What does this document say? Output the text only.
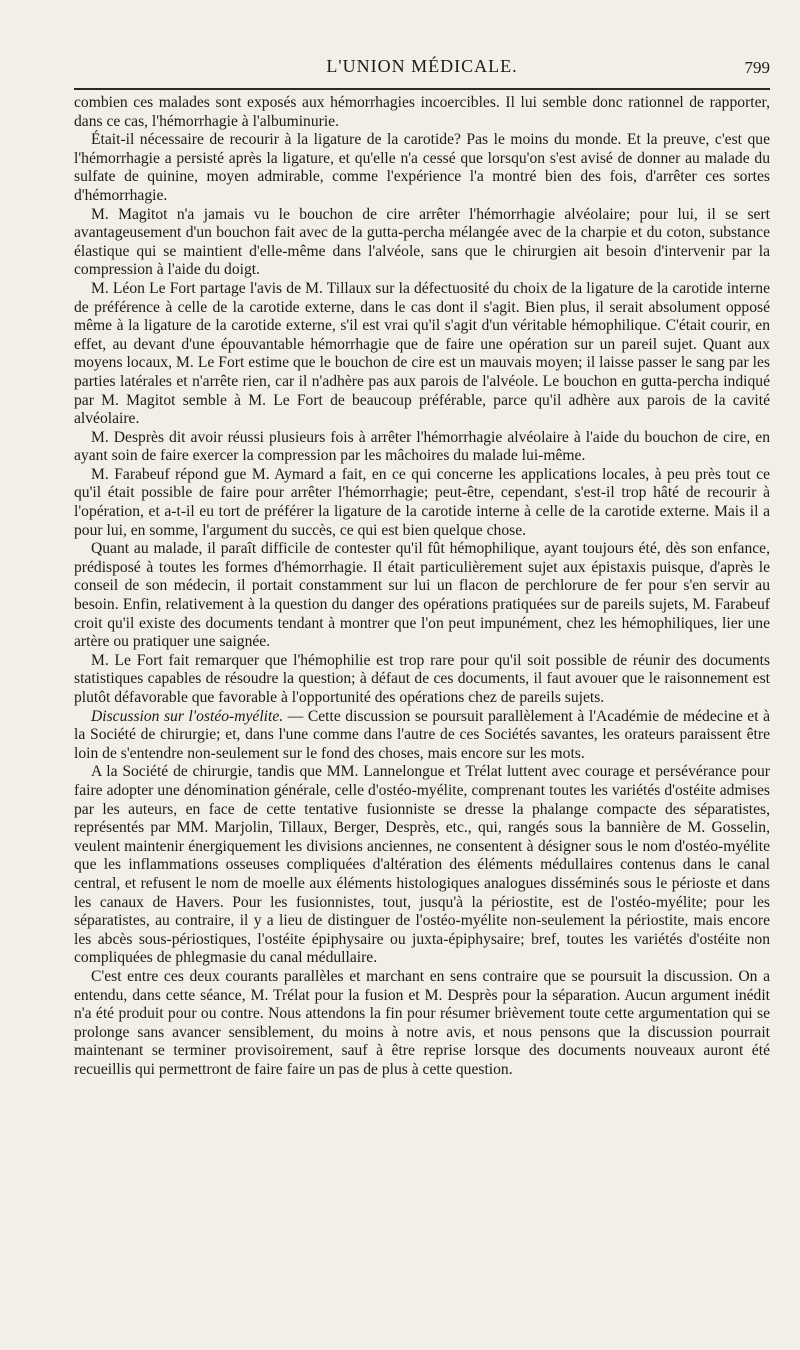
L'UNION MÉDICALE.	799

combien ces malades sont exposés aux hémorrhagies incoercibles. Il lui semble donc rationnel de rapporter, dans ce cas, l'hémorrhagie à l'albuminurie.

Était-il nécessaire de recourir à la ligature de la carotide? Pas le moins du monde. Et la preuve, c'est que l'hémorrhagie a persisté après la ligature, et qu'elle n'a cessé que lorsqu'on s'est avisé de donner au malade du sulfate de quinine, moyen admirable, comme l'expérience l'a montré bien des fois, d'arrêter ces sortes d'hémorrhagie.

M. Magitot n'a jamais vu le bouchon de cire arrêter l'hémorrhagie alvéolaire; pour lui, il se sert avantageusement d'un bouchon fait avec de la gutta-percha mélangée avec de la charpie et du coton, substance élastique qui se maintient d'elle-même dans l'alvéole, sans que le chirurgien ait besoin d'intervenir par la compression à l'aide du doigt.

M. Léon Le Fort partage l'avis de M. Tillaux sur la défectuosité du choix de la ligature de la carotide interne de préférence à celle de la carotide externe, dans le cas dont il s'agit. Bien plus, il serait absolument opposé même à la ligature de la carotide externe, s'il est vrai qu'il s'agit d'un véritable hémophilique. C'était courir, en effet, au devant d'une épouvantable hémorrhagie que de faire une opération sur un pareil sujet. Quant aux moyens locaux, M. Le Fort estime que le bouchon de cire est un mauvais moyen; il laisse passer le sang par les parties latérales et n'arrête rien, car il n'adhère pas aux parois de l'alvéole. Le bouchon en gutta-percha indiqué par M. Magitot semble à M. Le Fort de beaucoup préférable, parce qu'il adhère aux parois de la cavité alvéolaire.

M. Desprès dit avoir réussi plusieurs fois à arrêter l'hémorrhagie alvéolaire à l'aide du bouchon de cire, en ayant soin de faire exercer la compression par les mâchoires du malade lui-même.

M. Farabeuf répond gue M. Aymard a fait, en ce qui concerne les applications locales, à peu près tout ce qu'il était possible de faire pour arrêter l'hémorrhagie; peut-être, cependant, s'est-il trop hâté de recourir à l'opération, et a-t-il eu tort de préférer la ligature de la carotide interne à celle de la carotide externe. Mais il a pour lui, en somme, l'argument du succès, ce qui est bien quelque chose.

Quant au malade, il paraît difficile de contester qu'il fût hémophilique, ayant toujours été, dès son enfance, prédisposé à toutes les formes d'hémorrhagie. Il était particulièrement sujet aux épistaxis puisque, d'après le conseil de son médecin, il portait constamment sur lui un flacon de perchlorure de fer pour s'en servir au besoin. Enfin, relativement à la question du danger des opérations pratiquées sur de pareils sujets, M. Farabeuf croit qu'il existe des documents tendant à montrer que l'on peut impunément, chez les hémophiliques, lier une artère ou pratiquer une saignée.

M. Le Fort fait remarquer que l'hémophilie est trop rare pour qu'il soit possible de réunir des documents statistiques capables de résoudre la question; à défaut de ces documents, il faut avouer que le raisonnement est plutôt défavorable que favorable à l'opportunité des opérations chez de pareils sujets.

Discussion sur l'ostéo-myélite. — Cette discussion se poursuit parallèlement à l'Académie de médecine et à la Société de chirurgie; et, dans l'une comme dans l'autre de ces Sociétés savantes, les orateurs paraissent être loin de s'entendre non-seulement sur le fond des choses, mais encore sur les mots.

A la Société de chirurgie, tandis que MM. Lannelongue et Trélat luttent avec courage et persévérance pour faire adopter une dénomination générale, celle d'ostéo-myélite, comprenant toutes les variétés d'ostéite admises par les auteurs, en face de cette tentative fusionniste se dresse la phalange compacte des séparatistes, représentés par MM. Marjolin, Tillaux, Berger, Desprès, etc., qui, rangés sous la bannière de M. Gosselin, veulent maintenir énergiquement les divisions anciennes, ne consentent à désigner sous le nom d'ostéo-myélite que les inflammations osseuses compliquées d'altération des éléments médullaires contenus dans le canal central, et refusent le nom de moelle aux éléments histologiques analogues disséminés sous le périoste et dans les canaux de Havers. Pour les fusionnistes, tout, jusqu'à la périostite, est de l'ostéo-myélite; pour les séparatistes, au contraire, il y a lieu de distinguer de l'ostéo-myélite non-seulement la périostite, mais encore les abcès sous-périostiques, l'ostéite épiphysaire ou juxta-épiphysaire; bref, toutes les variétés d'ostéite non compliquées de phlegmasie du canal médullaire.

C'est entre ces deux courants parallèles et marchant en sens contraire que se poursuit la discussion. On a entendu, dans cette séance, M. Trélat pour la fusion et M. Desprès pour la séparation. Aucun argument inédit n'a été produit pour ou contre. Nous attendons la fin pour résumer brièvement toute cette argumentation qui se prolonge sans avancer sensiblement, du moins à notre avis, et nous pensons que la discussion pourrait maintenant se terminer provisoirement, sauf à être reprise lorsque des documents nouveaux auront été recueillis qui permettront de faire faire un pas de plus à cette question.
